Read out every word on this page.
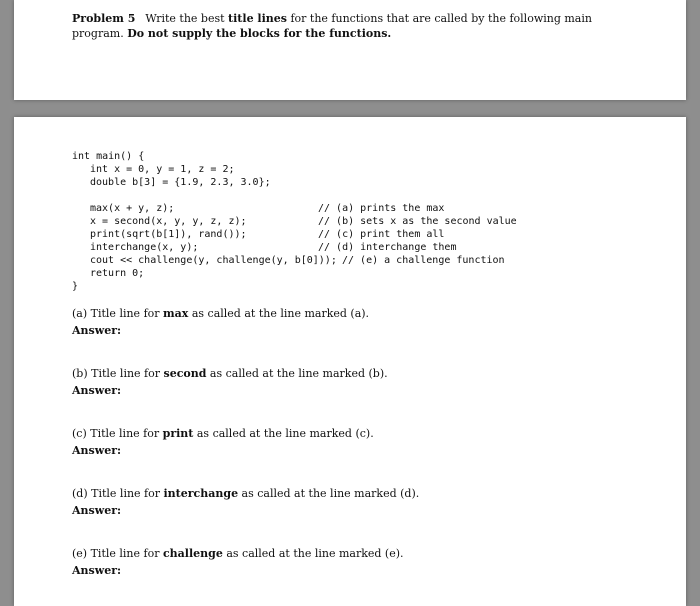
Problem 5 Write the best title lines for the functions that are called by the following main program. Do not supply the blocks for the functions.
int main() {
int x = 0, y = 1, z = 2;
double b[3] = {1.9, 2.3, 3.0};
max(x + y, z);	// (a) prints the max
x = second(x, y, y, z, z);	// (b) sets x as the second value
print(sqrt(b[1]), rand());	// (c) print them all
interchange(x, y);	// (d) interchange them
cout << challenge(y, challenge(y, b[0])); // (e) a challenge function
return 0;
}
(a) Title line for max as called at the line marked (a).
Answer:
(b) Title line for second as called at the line marked (b).
Answer:
(c) Title line for print as called at the line marked (c).
Answer:
(d) Title line for interchange as called at the line marked (d).
Answer:
(e) Title line for challenge as called at the line marked (e).
Answer:
